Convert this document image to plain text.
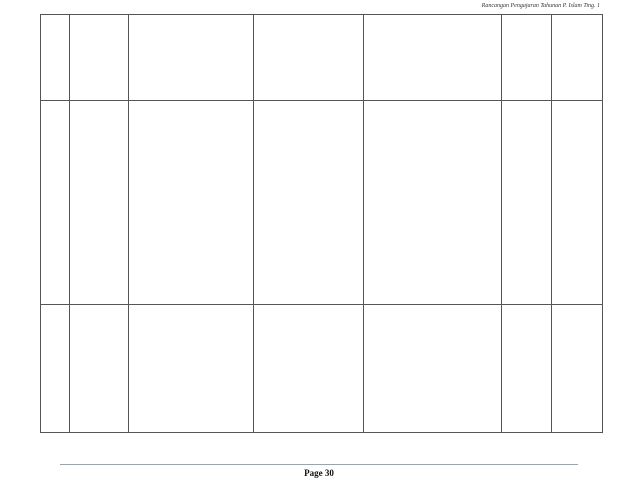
Rancangan Pengajaran Tahunan P. Islam Ting. 1

Page 30
